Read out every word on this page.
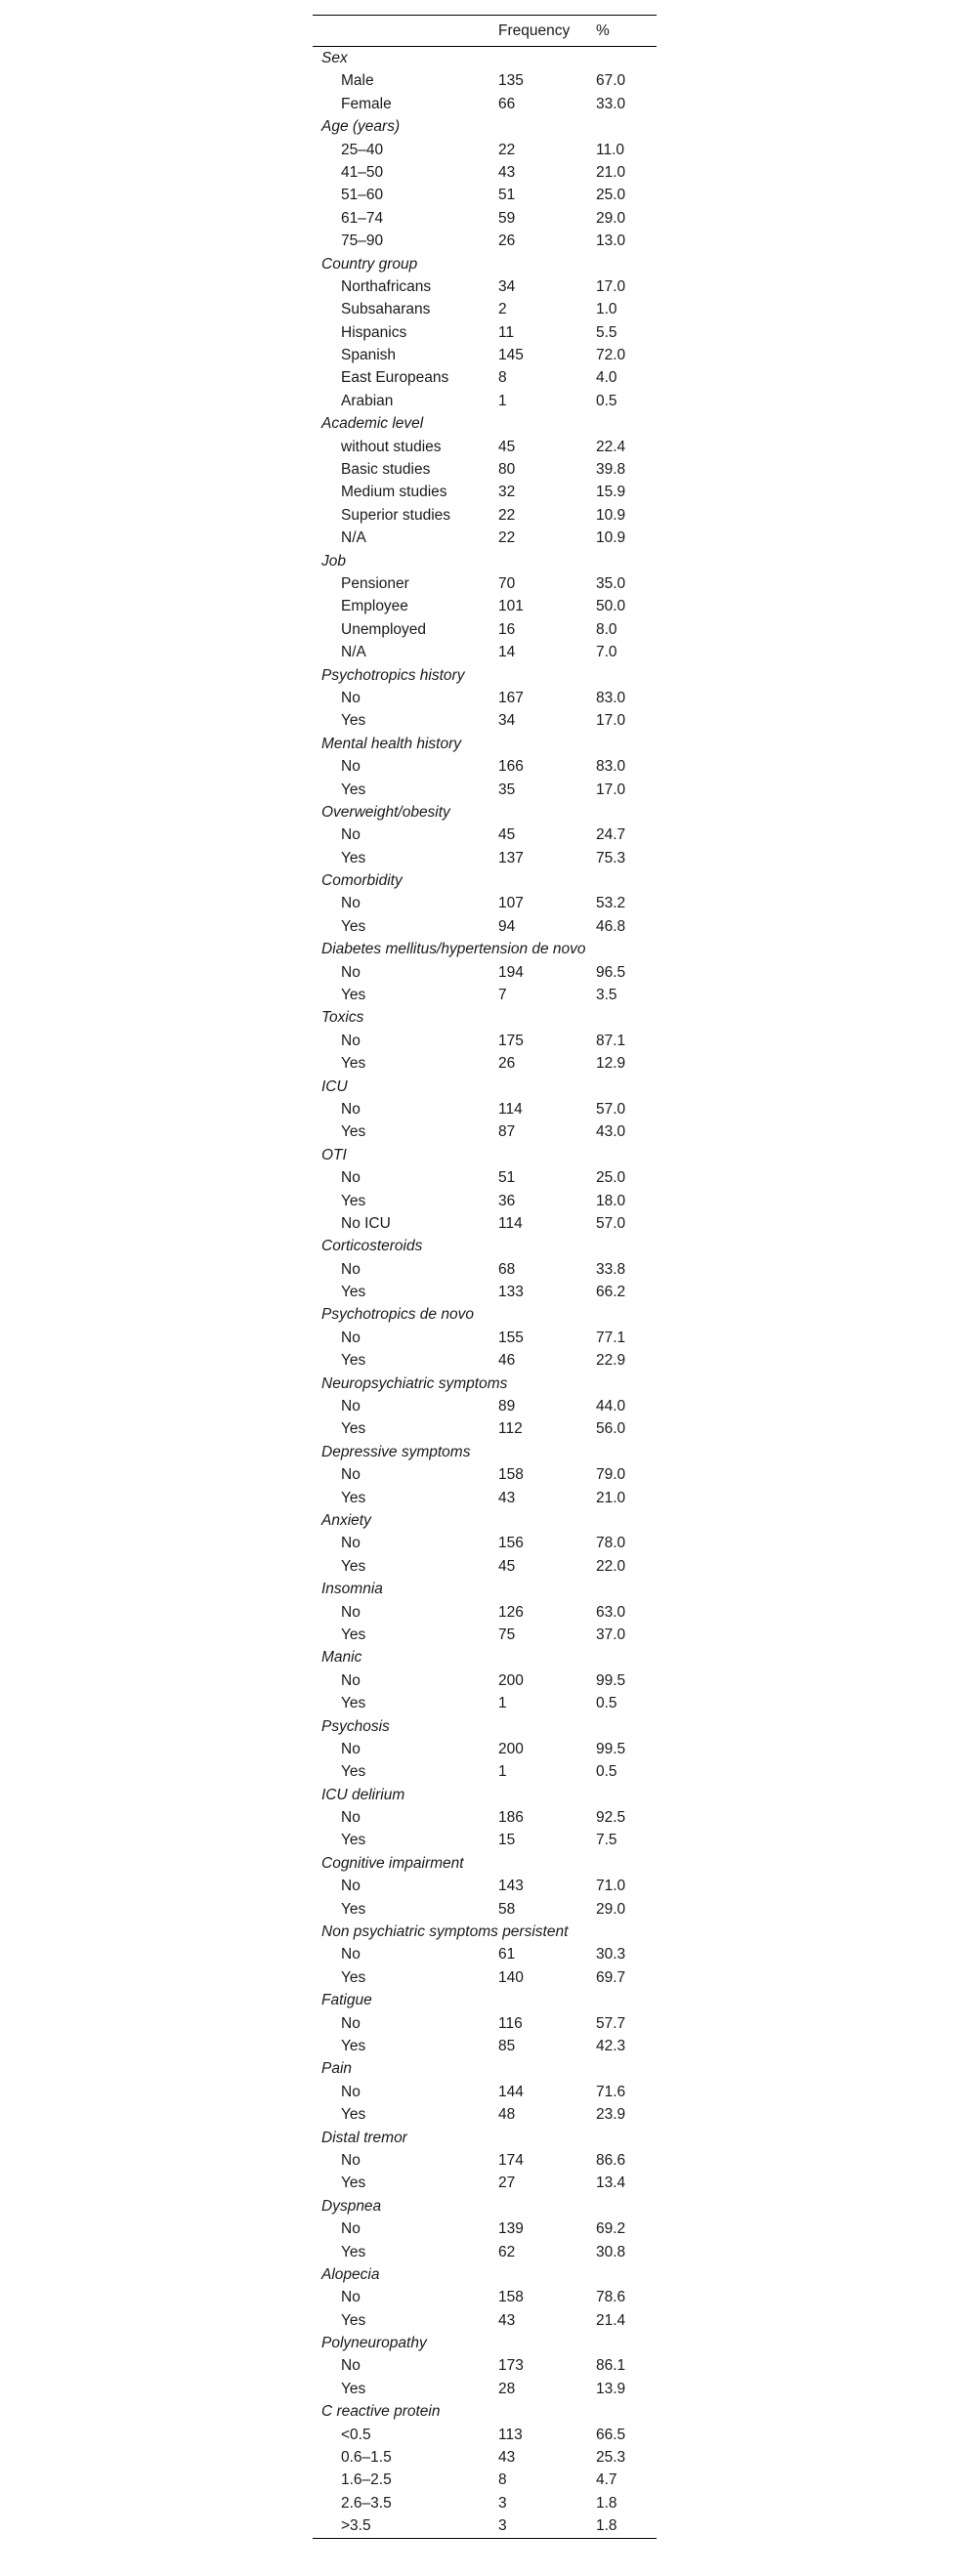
Frequency %
Sex
Male	135	67.0
Female	66	33.0
Age (years)
25–40	22	11.0
41–50	43	21.0
51–60	51	25.0
61–74	59	29.0
75–90	26	13.0
Country group
Northafricans	34	17.0
Subsaharans	2	1.0
Hispanics	11	5.5
Spanish	145	72.0
East Europeans	8	4.0
Arabian	1	0.5
Academic level
without studies	45	22.4
Basic studies	80	39.8
Medium studies	32	15.9
Superior studies	22	10.9
N/A	22	10.9
Job
Pensioner	70	35.0
Employee	101	50.0
Unemployed	16	8.0
N/A	14	7.0
Psychotropics history
No	167	83.0
Yes	34	17.0
Mental health history
No	166	83.0
Yes	35	17.0
Overweight/obesity
No	45	24.7
Yes	137	75.3
Comorbidity
No	107	53.2
Yes	94	46.8
Diabetes mellitus/hypertension de novo
No	194	96.5
Yes	7	3.5
Toxics
No	175	87.1
Yes	26	12.9
ICU
No	114	57.0
Yes	87	43.0
OTI
No	51	25.0
Yes	36	18.0
No ICU	114	57.0
Corticosteroids
No	68	33.8
Yes	133	66.2
Psychotropics de novo
No	155	77.1
Yes	46	22.9
Neuropsychiatric symptoms
No	89	44.0
Yes	112	56.0
Depressive symptoms
No	158	79.0
Yes	43	21.0
Anxiety
No	156	78.0
Yes	45	22.0
Insomnia
No	126	63.0
Yes	75	37.0
Manic
No	200	99.5
Yes	1	0.5
Psychosis
No	200	99.5
Yes	1	0.5
ICU delirium
No	186	92.5
Yes	15	7.5
Cognitive impairment
No	143	71.0
Yes	58	29.0
Non psychiatric symptoms persistent
No	61	30.3
Yes	140	69.7
Fatigue
No	116	57.7
Yes	85	42.3
Pain
No	144	71.6
Yes	48	23.9
Distal tremor
No	174	86.6
Yes	27	13.4
Dyspnea
No	139	69.2
Yes	62	30.8
Alopecia
No	158	78.6
Yes	43	21.4
Polyneuropathy
No	173	86.1
Yes	28	13.9
C reactive protein
<0.5	113	66.5
0.6–1.5	43	25.3
1.6–2.5	8	4.7
2.6–3.5	3	1.8
>3.5	3	1.8
